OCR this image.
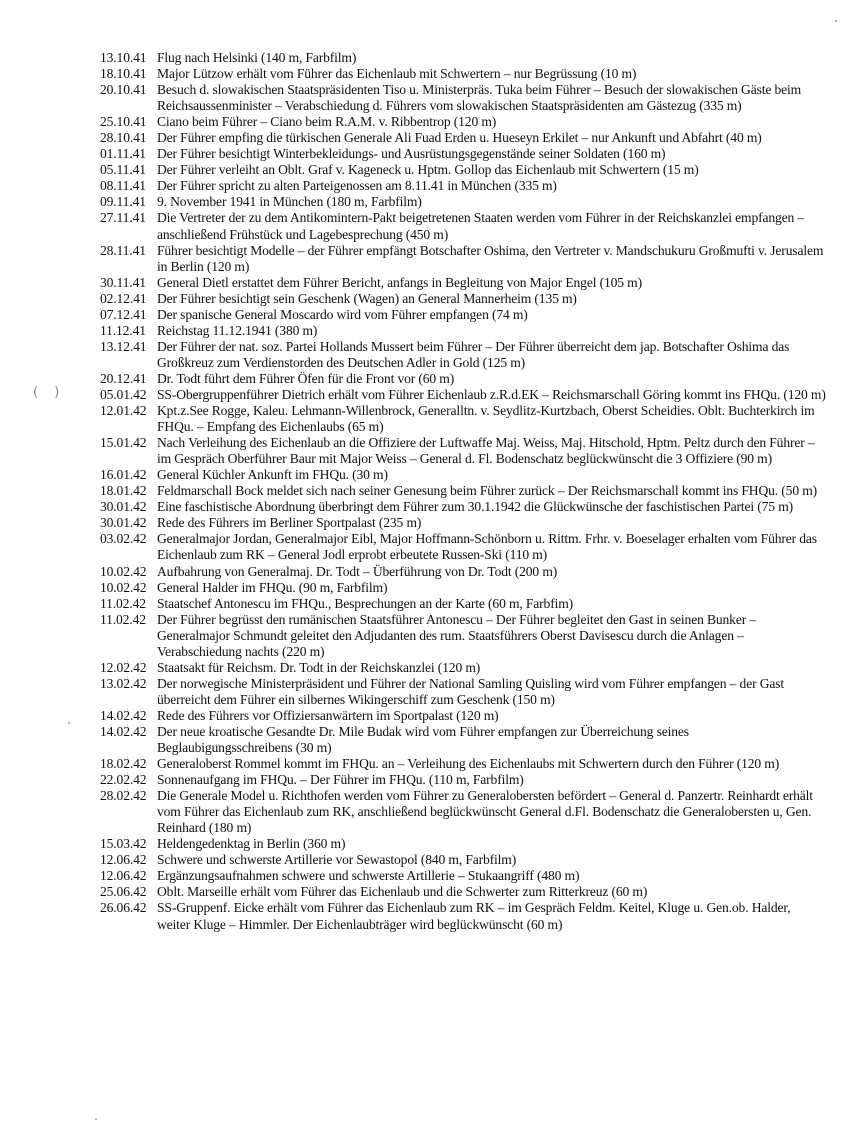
( )
13.10.41 Flug nach Helsinki (140 m, Farbfilm)
18.10.41 Major Lützow erhält vom Führer das Eichenlaub mit Schwertern – nur Begrüssung (10 m)
20.10.41 Besuch d. slowakischen Staatspräsidenten Tiso u. Ministerpräs. Tuka beim Führer – Besuch der slowakischen Gäste beim Reichsaussenminister – Verabschiedung d. Führers vom slowakischen Staatspräsidenten am Gästezug (335 m)
25.10.41 Ciano beim Führer – Ciano beim R.A.M. v. Ribbentrop (120 m)
28.10.41 Der Führer empfing die türkischen Generale Ali Fuad Erden u. Hueseyn Erkilet – nur Ankunft und Abfahrt (40 m)
01.11.41 Der Führer besichtigt Winterbekleidungs- und Ausrüstungsgegenstände seiner Soldaten (160 m)
05.11.41 Der Führer verleiht an Oblt. Graf v. Kageneck u. Hptm. Gollop das Eichenlaub mit Schwertern (15 m)
08.11.41 Der Führer spricht zu alten Parteigenossen am 8.11.41 in München (335 m)
09.11.41 9. November 1941 in München (180 m, Farbfilm)
27.11.41 Die Vertreter der zu dem Antikomintern-Pakt beigetretenen Staaten werden vom Führer in der Reichskanzlei empfangen – anschließend Frühstück und Lagebesprechung (450 m)
28.11.41 Führer besichtigt Modelle – der Führer empfängt Botschafter Oshima, den Vertreter v. Mandschukuru Großmufti v. Jerusalem in Berlin (120 m)
30.11.41 General Dietl erstattet dem Führer Bericht, anfangs in Begleitung von Major Engel (105 m)
02.12.41 Der Führer besichtigt sein Geschenk (Wagen) an General Mannerheim (135 m)
07.12.41 Der spanische General Moscardo wird vom Führer empfangen (74 m)
11.12.41 Reichstag 11.12.1941 (380 m)
13.12.41 Der Führer der nat. soz. Partei Hollands Mussert beim Führer – Der Führer überreicht dem jap. Botschafter Oshima das Großkreuz zum Verdienstorden des Deutschen Adler in Gold (125 m)
20.12.41 Dr. Todt führt dem Führer Öfen für die Front vor (60 m)
05.01.42 SS-Obergruppenführer Dietrich erhält vom Führer Eichenlaub z.R.d.EK – Reichsmarschall Göring kommt ins FHQu. (120 m)
12.01.42 Kpt.z.See Rogge, Kaleu. Lehmann-Willenbrock, Generalltn. v. Seydlitz-Kurtzbach, Oberst Scheidies. Oblt. Buchterkirch im FHQu. – Empfang des Eichenlaubs (65 m)
15.01.42 Nach Verleihung des Eichenlaub an die Offiziere der Luftwaffe Maj. Weiss, Maj. Hitschold, Hptm. Peltz durch den Führer – im Gespräch Oberführer Baur mit Major Weiss – General d. Fl. Bodenschatz beglückwünscht die 3 Offiziere (90 m)
16.01.42 General Küchler Ankunft im FHQu. (30 m)
18.01.42 Feldmarschall Bock meldet sich nach seiner Genesung beim Führer zurück – Der Reichsmarschall kommt ins FHQu. (50 m)
30.01.42 Eine faschistische Abordnung überbringt dem Führer zum 30.1.1942 die Glückwünsche der faschistischen Partei (75 m)
30.01.42 Rede des Führers im Berliner Sportpalast (235 m)
03.02.42 Generalmajor Jordan, Generalmajor Eibl, Major Hoffmann-Schönborn u. Rittm. Frhr. v. Boeselager erhalten vom Führer das Eichenlaub zum RK – General Jodl erprobt erbeutete Russen-Ski (110 m)
10.02.42 Aufbahrung von Generalmaj. Dr. Todt – Überführung von Dr. Todt (200 m)
10.02.42 General Halder im FHQu. (90 m, Farbfilm)
11.02.42 Staatschef Antonescu im FHQu., Besprechungen an der Karte (60 m, Farbfim)
11.02.42 Der Führer begrüsst den rumänischen Staatsführer Antonescu – Der Führer begleitet den Gast in seinen Bunker – Generalmajor Schmundt geleitet den Adjudanten des rum. Staatsführers Oberst Davisescu durch die Anlagen – Verabschiedung nachts (220 m)
12.02.42 Staatsakt für Reichsm. Dr. Todt in der Reichskanzlei (120 m)
13.02.42 Der norwegische Ministerpräsident und Führer der National Samling Quisling wird vom Führer empfangen – der Gast überreicht dem Führer ein silbernes Wikingerschiff zum Geschenk (150 m)
14.02.42 Rede des Führers vor Offiziersanwärtern im Sportpalast (120 m)
14.02.42 Der neue kroatische Gesandte Dr. Mile Budak wird vom Führer empfangen zur Überreichung seines Beglaubigungsschreibens (30 m)
18.02.42 Generaloberst Rommel kommt im FHQu. an – Verleihung des Eichenlaubs mit Schwertern durch den Führer (120 m)
22.02.42 Sonnenaufgang im FHQu. – Der Führer im FHQu. (110 m, Farbfilm)
28.02.42 Die Generale Model u. Richthofen werden vom Führer zu Generalobersten befördert – General d. Panzertr. Reinhardt erhält vom Führer das Eichenlaub zum RK, anschließend beglückwünscht General d.Fl. Bodenschatz die Generalobersten u, Gen. Reinhard (180 m)
15.03.42 Heldengedenktag in Berlin (360 m)
12.06.42 Schwere und schwerste Artillerie vor Sewastopol (840 m, Farbfilm)
12.06.42 Ergänzungsaufnahmen schwere und schwerste Artillerie – Stukaangriff (480 m)
25.06.42 Oblt. Marseille erhält vom Führer das Eichenlaub und die Schwerter zum Ritterkreuz (60 m)
26.06.42 SS-Gruppenf. Eicke erhält vom Führer das Eichenlaub zum RK – im Gespräch Feldm. Keitel, Kluge u. Gen.ob. Halder, weiter Kluge – Himmler. Der Eichenlaubträger wird beglückwünscht (60 m)
